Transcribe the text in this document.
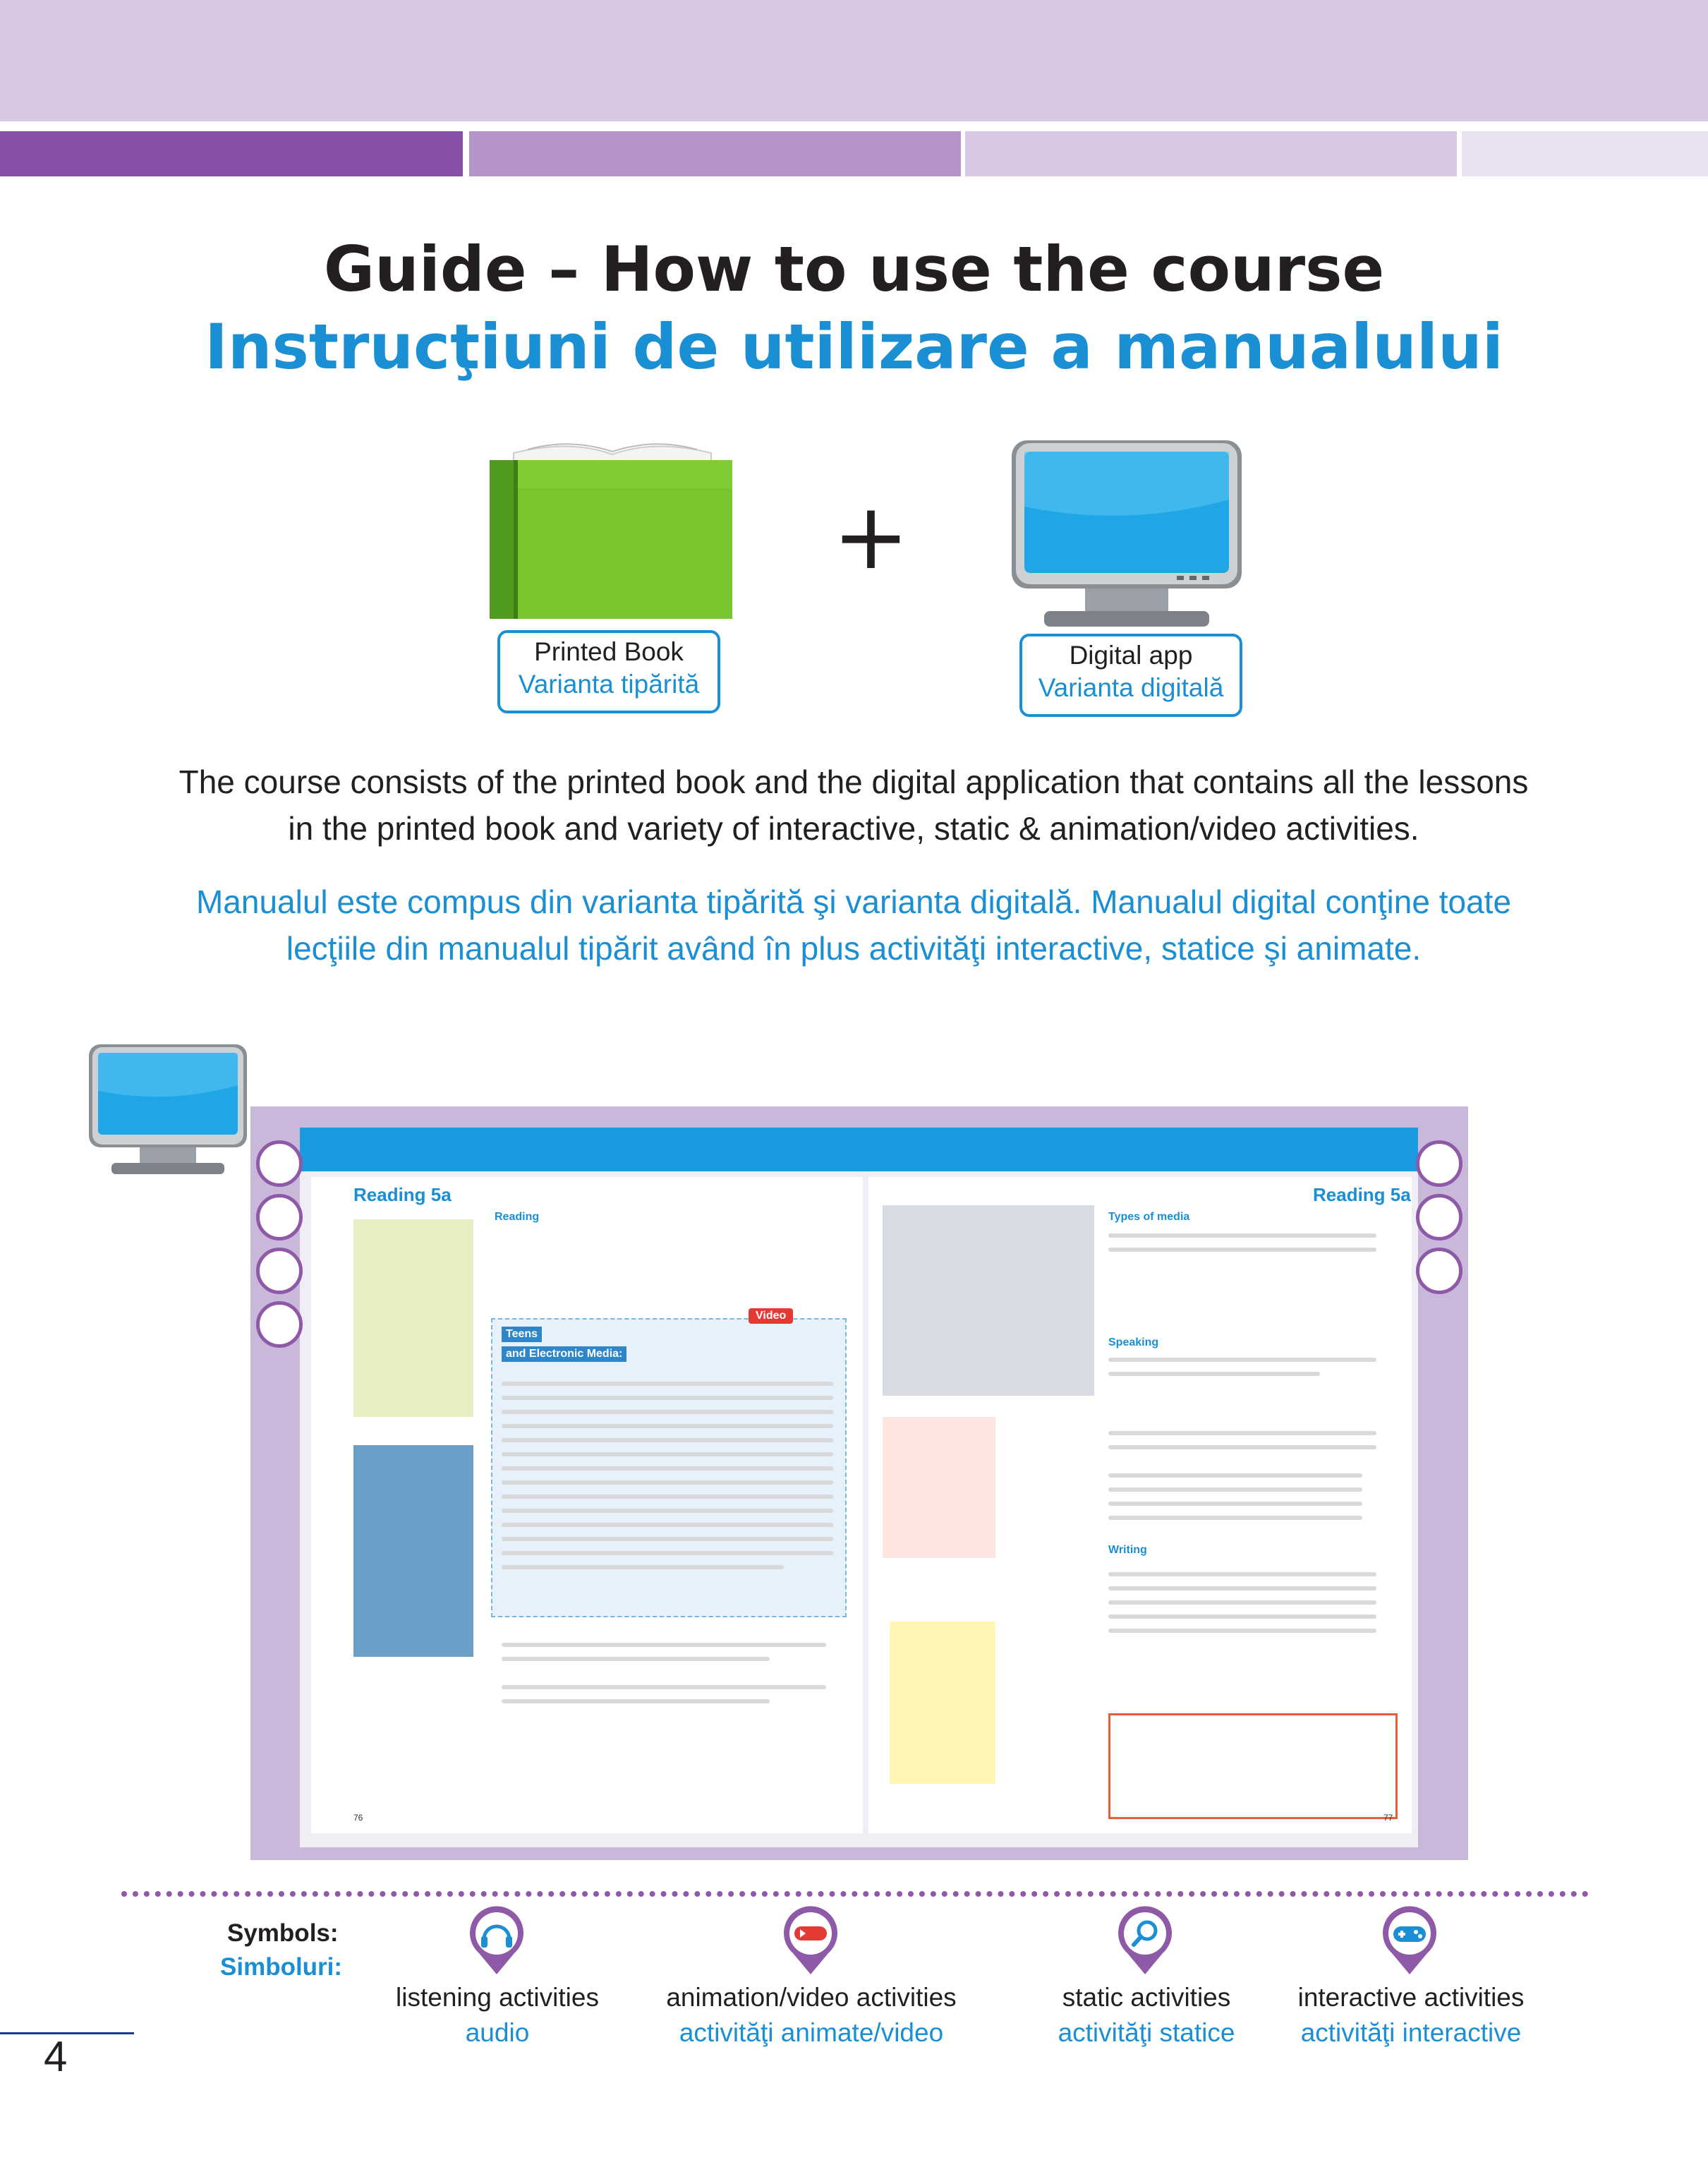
Guide – How to use the course
Instrucţiuni de utilizare a manualului
+
Printed Book
Varianta tipărită
Digital app
Varianta digitală
The course consists of the printed book and the digital application that contains all the lessons
in the printed book and variety of interactive, static & animation/video activities.
Manualul este compus din varianta tipărită şi varianta digitală. Manualul digital conţine toate
lecţiile din manualul tipărit având în plus activităţi interactive, statice şi animate.
Reading 5a
Reading
Teens
and Electronic Media:
Video
76
Reading 5a
Types of media
Speaking
Writing
77
Symbols:
Simboluri:
listening activities
audio
animation/video activities
activităţi animate/video
static activities
activităţi statice
interactive activities
activităţi interactive
4
